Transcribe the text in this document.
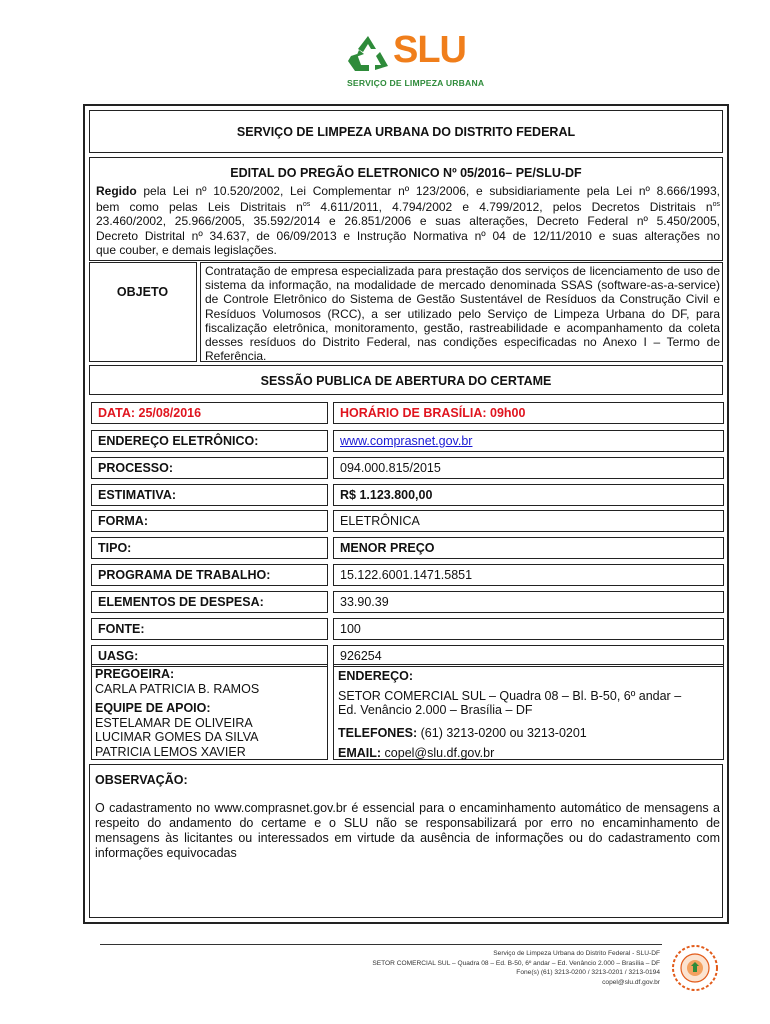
SLU
SERVIÇO DE LIMPEZA URBANA
SERVIÇO DE LIMPEZA URBANA DO DISTRITO FEDERAL
EDITAL DO PREGÃO ELETRONICO Nº 05/2016– PE/SLU-DF
Regido pela Lei nº 10.520/2002, Lei Complementar nº 123/2006, e subsidiariamente pela Lei nº 8.666/1993,
bem como pelas Leis Distritais $n^{os}$ 4.611/2011, 4.794/2002 e 4.799/2012, pelos Decretos Distritais $n^{os}$
23.460/2002, 25.966/2005, 35.592/2014 e 26.851/2006 e suas alterações, Decreto Federal nº 5.450/2005,
Decreto Distrital nº 34.637, de 06/09/2013 e Instrução Normativa nº 04 de 12/11/2010 e suas alterações no
que couber, e demais legislações.
OBJETO
Contratação de empresa especializada para prestação dos serviços de licenciamento de uso de sistema da informação, na modalidade de mercado denominada SSAS (software-as-a-service) de Controle Eletrônico do Sistema de Gestão Sustentável de Resíduos da Construção Civil e Resíduos Volumosos (RCC), a ser utilizado pelo Serviço de Limpeza Urbana do DF, para fiscalização eletrônica, monitoramento, gestão, rastreabilidade e acompanhamento da coleta desses resíduos do Distrito Federal, nas condições especificadas no Anexo I – Termo de Referência.
SESSÃO PUBLICA DE ABERTURA DO CERTAME
DATA: 25/08/2016	HORÁRIO DE BRASÍLIA: 09h00
ENDEREÇO ELETRÔNICO:	www.comprasnet.gov.br
PROCESSO:	094.000.815/2015
ESTIMATIVA:	R$ 1.123.800,00
FORMA:	ELETRÔNICA
TIPO:	MENOR PREÇO
PROGRAMA DE TRABALHO:	15.122.6001.1471.5851
ELEMENTOS DE DESPESA:	33.90.39
FONTE:	100
UASG:	926254
PREGOEIRA:
CARLA PATRICIA B. RAMOS
EQUIPE DE APOIO:
ESTELAMAR DE OLIVEIRA
LUCIMAR GOMES DA SILVA
PATRICIA LEMOS XAVIER
ENDEREÇO:
SETOR COMERCIAL SUL – Quadra 08 – Bl. B-50, 6º andar –
Ed. Venâncio 2.000 – Brasília – DF
TELEFONES: (61) 3213-0200 ou 3213-0201
EMAIL: copel@slu.df.gov.br
OBSERVAÇÃO:
O cadastramento no www.comprasnet.gov.br é essencial para o encaminhamento automático de mensagens a respeito do andamento do certame e o SLU não se responsabilizará por erro no encaminhamento de mensagens às licitantes ou interessados em virtude da ausência de informações ou do cadastramento com informações equivocadas
Serviço de Limpeza Urbana do Distrito Federal - SLU-DF
SETOR COMERCIAL SUL – Quadra 08 – Ed. B-50, 6º andar – Ed. Venâncio 2.000 – Brasília – DF
Fone(s) (61) 3213-0200 / 3213-0201 / 3213-0194
copel@slu.df.gov.br
